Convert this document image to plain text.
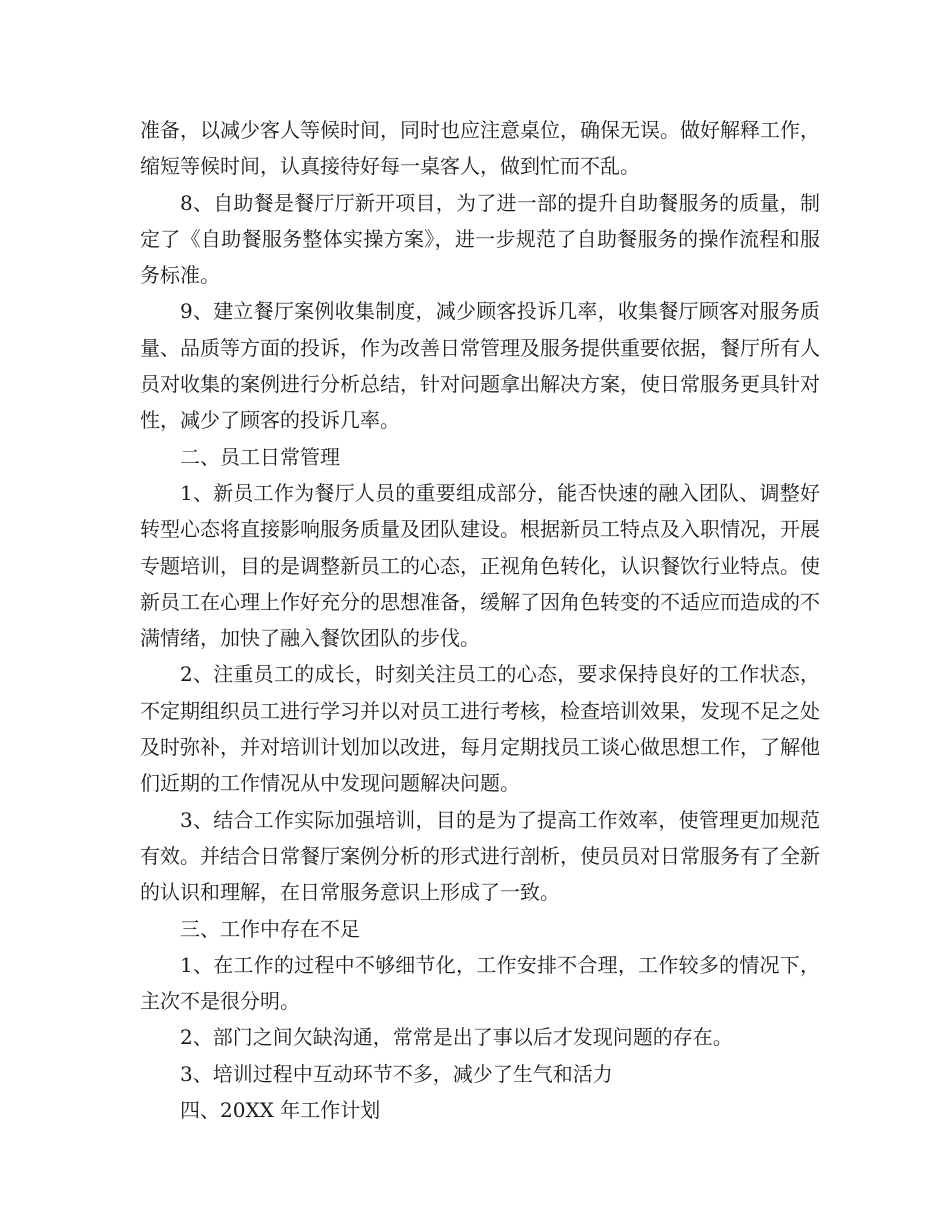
准备，以减少客人等候时间，同时也应注意桌位，确保无误。做好解释工作，缩短等候时间，认真接待好每一桌客人，做到忙而不乱。

8、自助餐是餐厅厅新开项目，为了进一部的提升自助餐服务的质量，制定了《自助餐服务整体实操方案》，进一步规范了自助餐服务的操作流程和服务标准。

9、建立餐厅案例收集制度，减少顾客投诉几率，收集餐厅顾客对服务质量、品质等方面的投诉，作为改善日常管理及服务提供重要依据，餐厅所有人员对收集的案例进行分析总结，针对问题拿出解决方案，使日常服务更具针对性，减少了顾客的投诉几率。

二、员工日常管理

1、新员工作为餐厅人员的重要组成部分，能否快速的融入团队、调整好转型心态将直接影响服务质量及团队建设。根据新员工特点及入职情况，开展专题培训，目的是调整新员工的心态，正视角色转化，认识餐饮行业特点。使新员工在心理上作好充分的思想准备，缓解了因角色转变的不适应而造成的不满情绪，加快了融入餐饮团队的步伐。

2、注重员工的成长，时刻关注员工的心态，要求保持良好的工作状态，不定期组织员工进行学习并以对员工进行考核，检查培训效果，发现不足之处及时弥补，并对培训计划加以改进，每月定期找员工谈心做思想工作，了解他们近期的工作情况从中发现问题解决问题。

3、结合工作实际加强培训，目的是为了提高工作效率，使管理更加规范有效。并结合日常餐厅案例分析的形式进行剖析，使员员对日常服务有了全新的认识和理解，在日常服务意识上形成了一致。

三、工作中存在不足

1、在工作的过程中不够细节化，工作安排不合理，工作较多的情况下，主次不是很分明。

2、部门之间欠缺沟通，常常是出了事以后才发现问题的存在。

3、培训过程中互动环节不多，减少了生气和活力

四、20XX 年工作计划
